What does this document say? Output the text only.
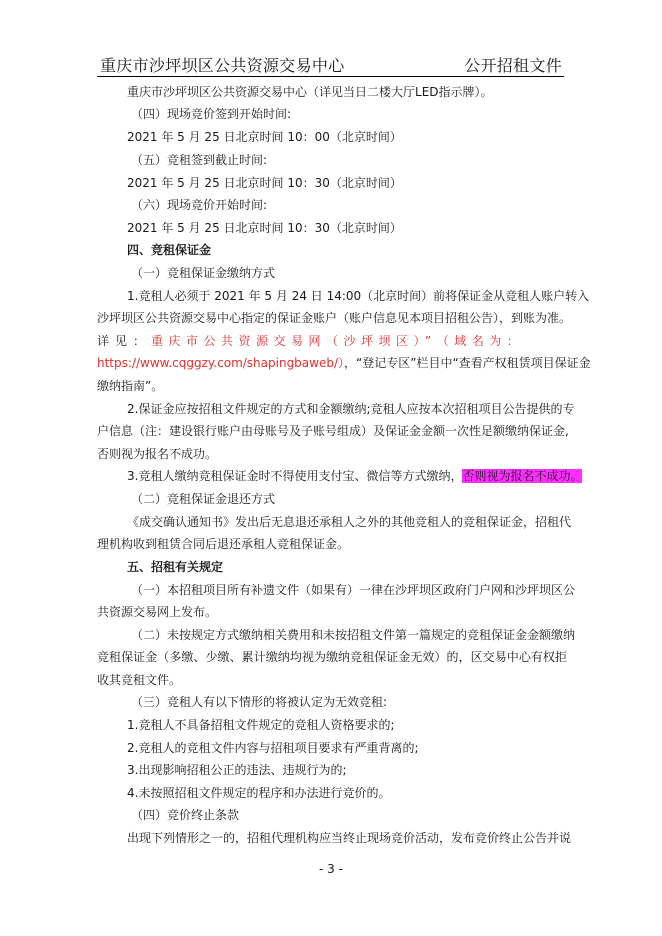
重庆市沙坪坝区公共资源交易中心	公开招租文件
重庆市沙坪坝区公共资源交易中心（详见当日二楼大厅LED指示牌）。
（四）现场竞价签到开始时间:
2021 年 5 月 25 日北京时间 10：00（北京时间）
（五）竞租签到截止时间:
2021 年 5 月 25 日北京时间 10：30（北京时间）
（六）现场竞价开始时间:
2021 年 5 月 25 日北京时间 10：30（北京时间）
四、竞租保证金
（一）竞租保证金缴纳方式
1.竞租人必须于 2021 年 5 月 24 日 14:00（北京时间）前将保证金从竞租人账户转入
沙坪坝区公共资源交易中心指定的保证金账户（账户信息见本项目招租公告），到账为准。
详见：重庆市公共资源交易网（沙坪坝区）”（域名为：
https://www.cqggzy.com/shapingbaweb/），“登记专区”栏目中“查看产权租赁项目保证金
缴纳指南”。
2.保证金应按招租文件规定的方式和金额缴纳;竞租人应按本次招租项目公告提供的专
户信息（注：建设银行账户由母账号及子账号组成）及保证金金额一次性足额缴纳保证金,
否则视为报名不成功。
3.竞租人缴纳竞租保证金时不得使用支付宝、微信等方式缴纳，否则视为报名不成功。
（二）竞租保证金退还方式
《成交确认通知书》发出后无息退还承租人之外的其他竞租人的竞租保证金，招租代
理机构收到租赁合同后退还承租人竞租保证金。
五、招租有关规定
（一）本招租项目所有补遗文件（如果有）一律在沙坪坝区政府门户网和沙坪坝区公
共资源交易网上发布。
（二）未按规定方式缴纳相关费用和未按招租文件第一篇规定的竞租保证金金额缴纳
竞租保证金（多缴、少缴、累计缴纳均视为缴纳竞租保证金无效）的，区交易中心有权拒
收其竞租文件。
（三）竞租人有以下情形的将被认定为无效竞租:
1.竞租人不具备招租文件规定的竞租人资格要求的;
2.竞租人的竞租文件内容与招租项目要求有严重背离的;
3.出现影响招租公正的违法、违规行为的;
4.未按照招租文件规定的程序和办法进行竞价的。
（四）竞价终止条款
出现下列情形之一的，招租代理机构应当终止现场竞价活动，发布竞价终止公告并说
- 3 -
